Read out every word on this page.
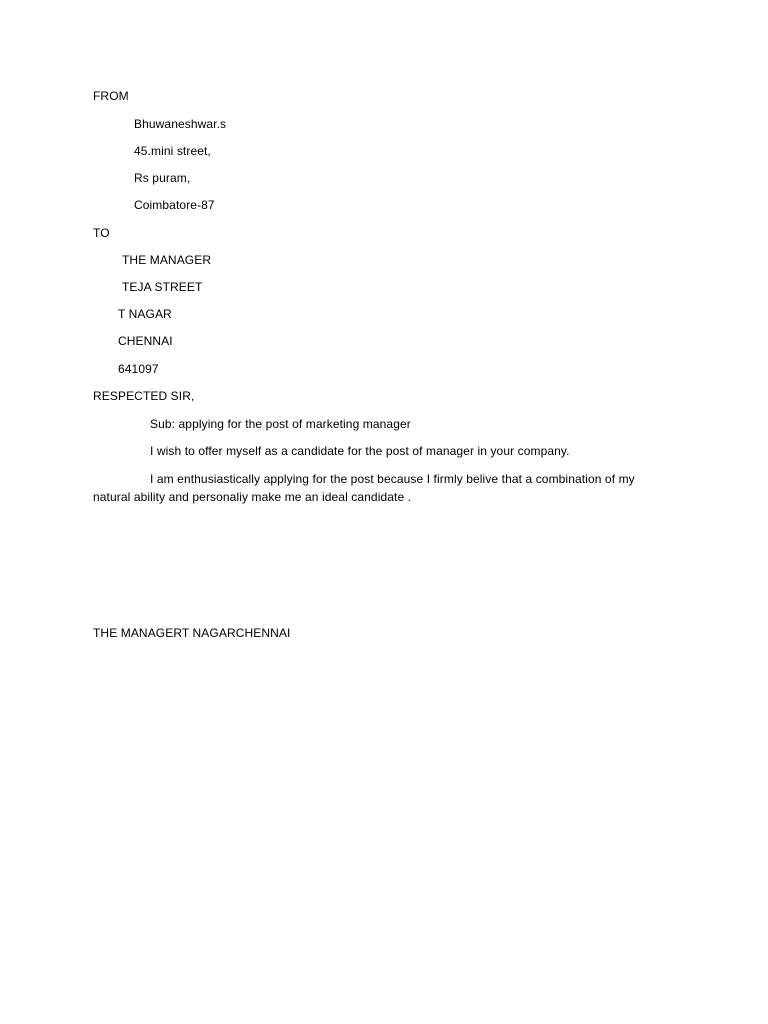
FROM
Bhuwaneshwar.s
45.mini street,
Rs puram,
Coimbatore-87
TO
THE MANAGER
TEJA STREET
T NAGAR
CHENNAI
641097
RESPECTED SIR,
Sub: applying for the post of marketing manager
I wish to offer myself as a candidate for the post of manager in your company.
I am enthusiastically applying for the post because I firmly belive that a combination of my natural ability and personaliy make me an ideal candidate .
THE MANAGERT NAGARCHENNAI
